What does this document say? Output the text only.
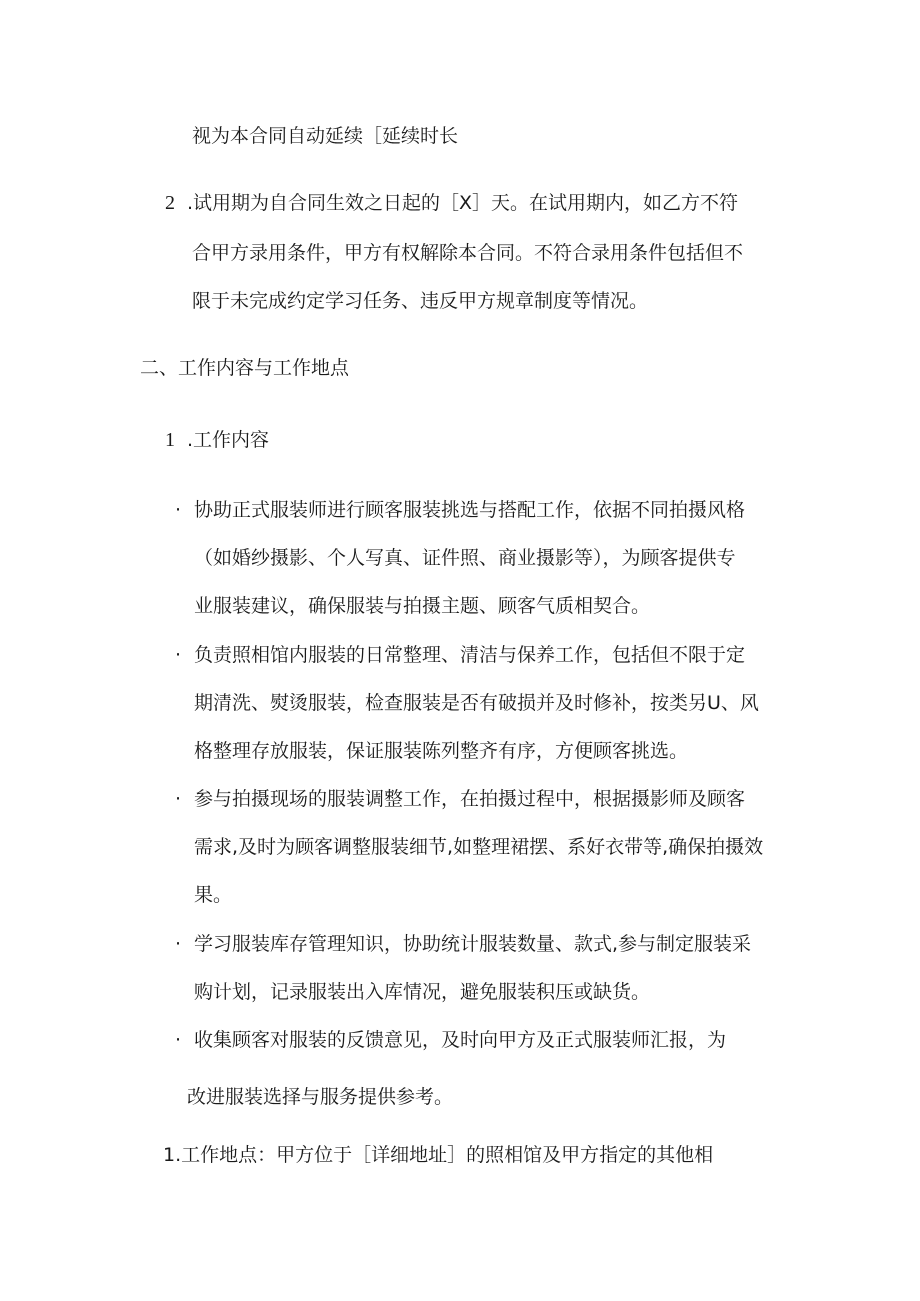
视为本合同自动延续［延续时长
2 .试用期为自合同生效之日起的［X］天。在试用期内，如乙方不符
合甲方录用条件，甲方有权解除本合同。不符合录用条件包括但不
限于未完成约定学习任务、违反甲方规章制度等情况。
二、工作内容与工作地点
1 .工作内容
· 协助正式服装师进行顾客服装挑选与搭配工作，依据不同拍摄风格
（如婚纱摄影、个人写真、证件照、商业摄影等），为顾客提供专
业服装建议，确保服装与拍摄主题、顾客气质相契合。
· 负责照相馆内服装的日常整理、清洁与保养工作，包括但不限于定
期清洗、熨烫服装，检查服装是否有破损并及时修补，按类另U、风
格整理存放服装，保证服装陈列整齐有序，方便顾客挑选。
· 参与拍摄现场的服装调整工作，在拍摄过程中，根据摄影师及顾客
需求,及时为顾客调整服装细节,如整理裙摆、系好衣带等,确保拍摄效
果。
· 学习服装库存管理知识，协助统计服装数量、款式,参与制定服装采
购计划，记录服装出入库情况，避免服装积压或缺货。
· 收集顾客对服装的反馈意见，及时向甲方及正式服装师汇报，为
改进服装选择与服务提供参考。
1.工作地点：甲方位于［详细地址］的照相馆及甲方指定的其他相
